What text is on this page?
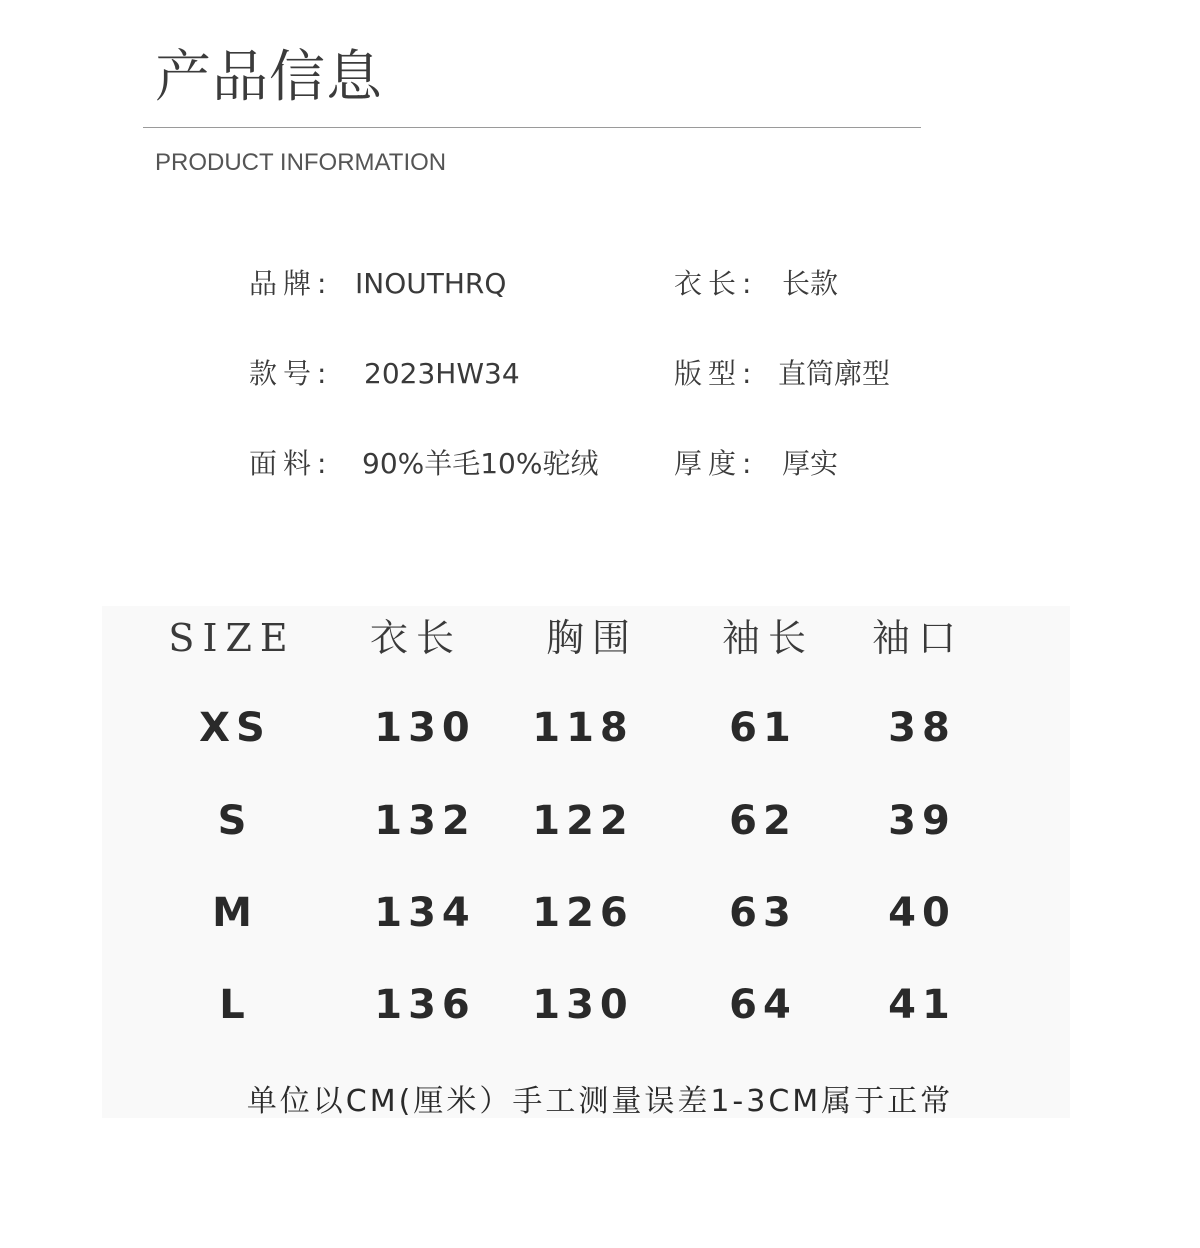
产品信息
PRODUCT INFORMATION
品牌: INOUTHRQ	衣长: 长款
款号: 2023HW34	版型: 直筒廓型
面料: 90%羊毛10%驼绒	厚度: 厚实
SIZE	衣长	胸围	袖长	袖口
XS	130	118	61	38
S	132	122	62	39
M	134	126	63	40
L	136	130	64	41
单位以CM(厘米）手工测量误差1-3CM属于正常
